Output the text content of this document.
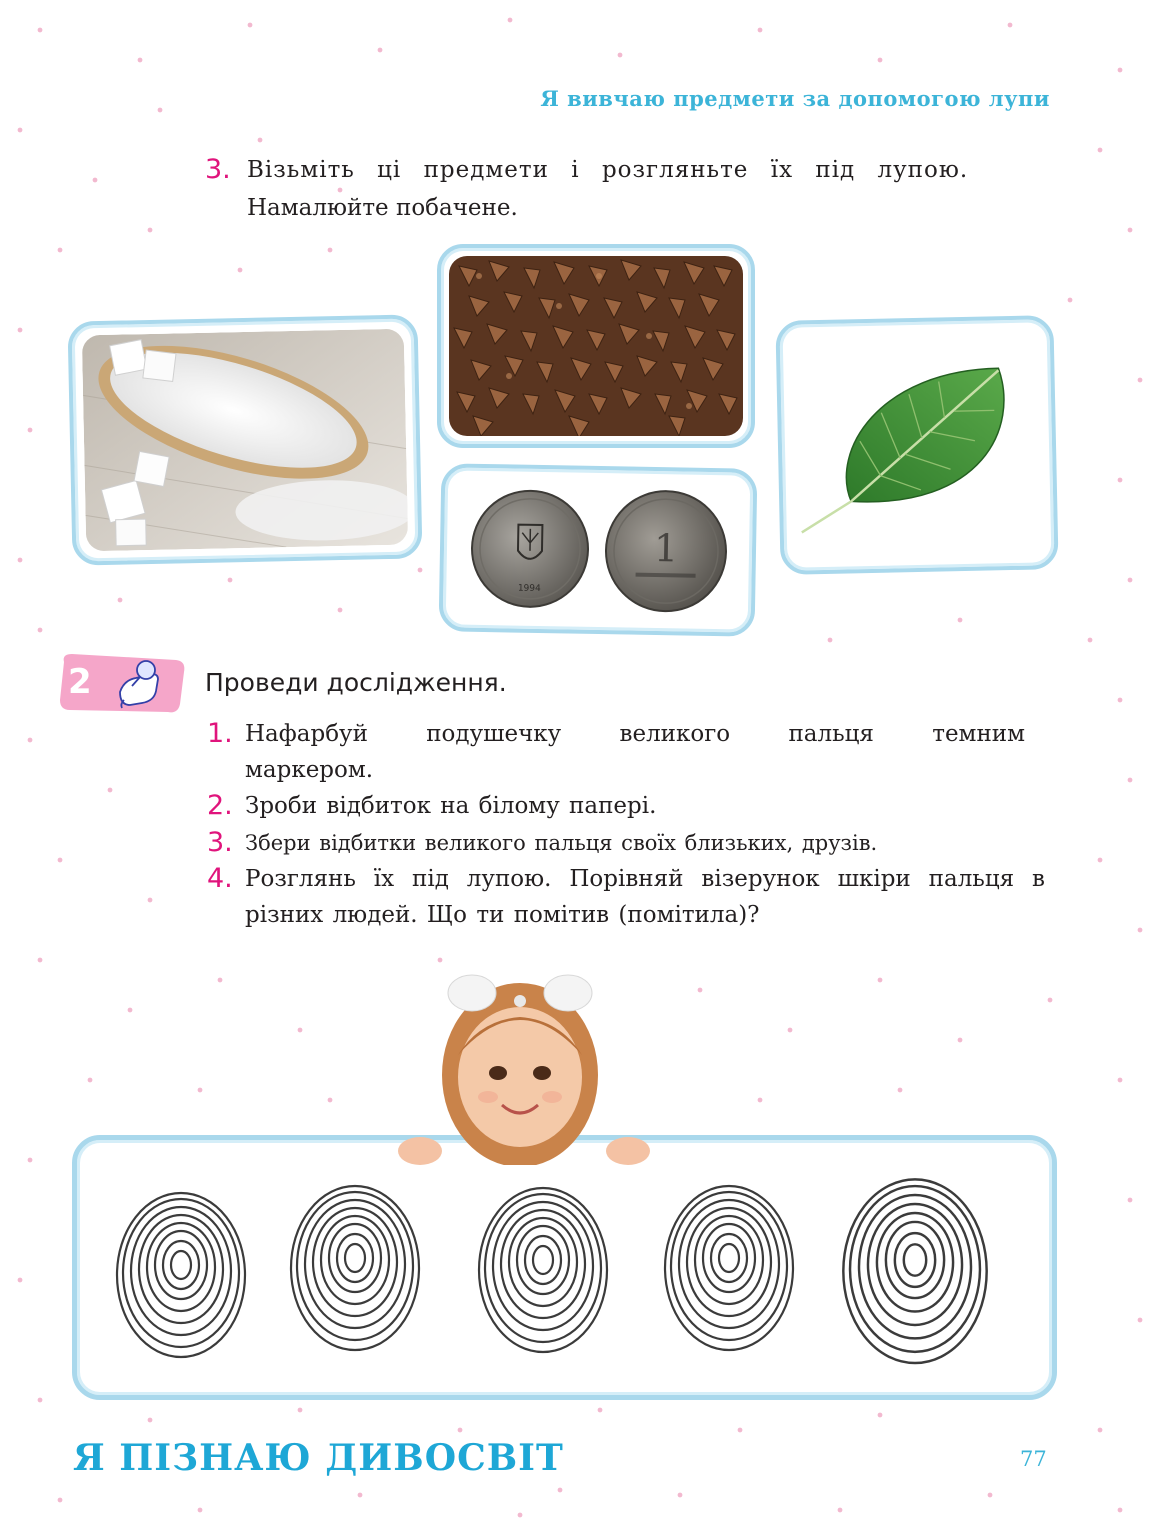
Я вивчаю предмети за допомогою лупи
3. Візьміть ці предмети і розгляньте їх під лупою.
Намалюйте побачене.
1994
1
2	Проведи дослідження.
1. Нафарбуй подушечку великого пальця темним маркером.
2. Зроби відбиток на білому папері.
3. Збери відбитки великого пальця своїх близьких, друзів.
4. Розглянь їх під лупою. Порівняй візерунок шкіри пальця в різних людей. Що ти помітив (помітила)?
Я ПІЗНАЮ ДИВОСВІТ	77
